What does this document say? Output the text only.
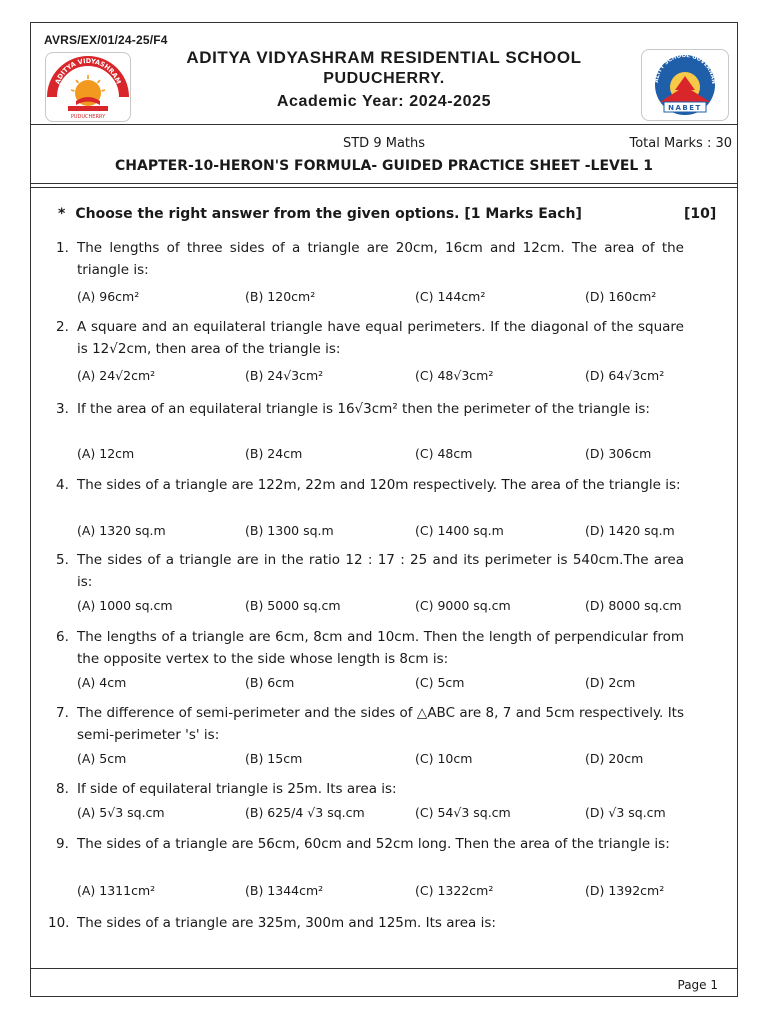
AVRS/EX/01/24-25/F4
ADITYA VIDYASHRAM
PUDUCHERRY
ALITY SCHOOL GOVERNAN
NABET
ADITYA VIDYASHRAM RESIDENTIAL SCHOOL
PUDUCHERRY.
Academic Year: 2024-2025
STD 9 Maths	Total Marks : 30
CHAPTER-10-HERON'S FORMULA- GUIDED PRACTICE SHEET -LEVEL 1
* Choose the right answer from the given options. [1 Marks Each]	[10]
1. The lengths of three sides of a triangle are 20cm, 16cm and 12cm. The area of the triangle is:
(A) 96cm²	(B) 120cm²	(C) 144cm²	(D) 160cm²
2. A square and an equilateral triangle have equal perimeters. If the diagonal of the square is 12√2cm, then area of the triangle is:
(A) 24√2cm²	(B) 24√3cm²	(C) 48√3cm²	(D) 64√3cm²
3. If the area of an equilateral triangle is 16√3cm² then the perimeter of the triangle is:
(A) 12cm	(B) 24cm	(C) 48cm	(D) 306cm
4. The sides of a triangle are 122m, 22m and 120m respectively. The area of the triangle is:
(A) 1320 sq.m	(B) 1300 sq.m	(C) 1400 sq.m	(D) 1420 sq.m
5. The sides of a triangle are in the ratio 12 : 17 : 25 and its perimeter is 540cm.The area is:
(A) 1000 sq.cm	(B) 5000 sq.cm	(C) 9000 sq.cm	(D) 8000 sq.cm
6. The lengths of a triangle are 6cm, 8cm and 10cm. Then the length of perpendicular from the opposite vertex to the side whose length is 8cm is:
(A) 4cm	(B) 6cm	(C) 5cm	(D) 2cm
7. The difference of semi-perimeter and the sides of △ABC are 8, 7 and 5cm respectively. Its semi-perimeter 's' is:
(A) 5cm	(B) 15cm	(C) 10cm	(D) 20cm
8. If side of equilateral triangle is 25m. Its area is:
(A) 5√3 sq.cm	(B) 625/4 √3 sq.cm	(C) 54√3 sq.cm	(D) √3 sq.cm
9. The sides of a triangle are 56cm, 60cm and 52cm long. Then the area of the triangle is:
(A) 1311cm²	(B) 1344cm²	(C) 1322cm²	(D) 1392cm²
10. The sides of a triangle are 325m, 300m and 125m. Its area is:
Page 1
